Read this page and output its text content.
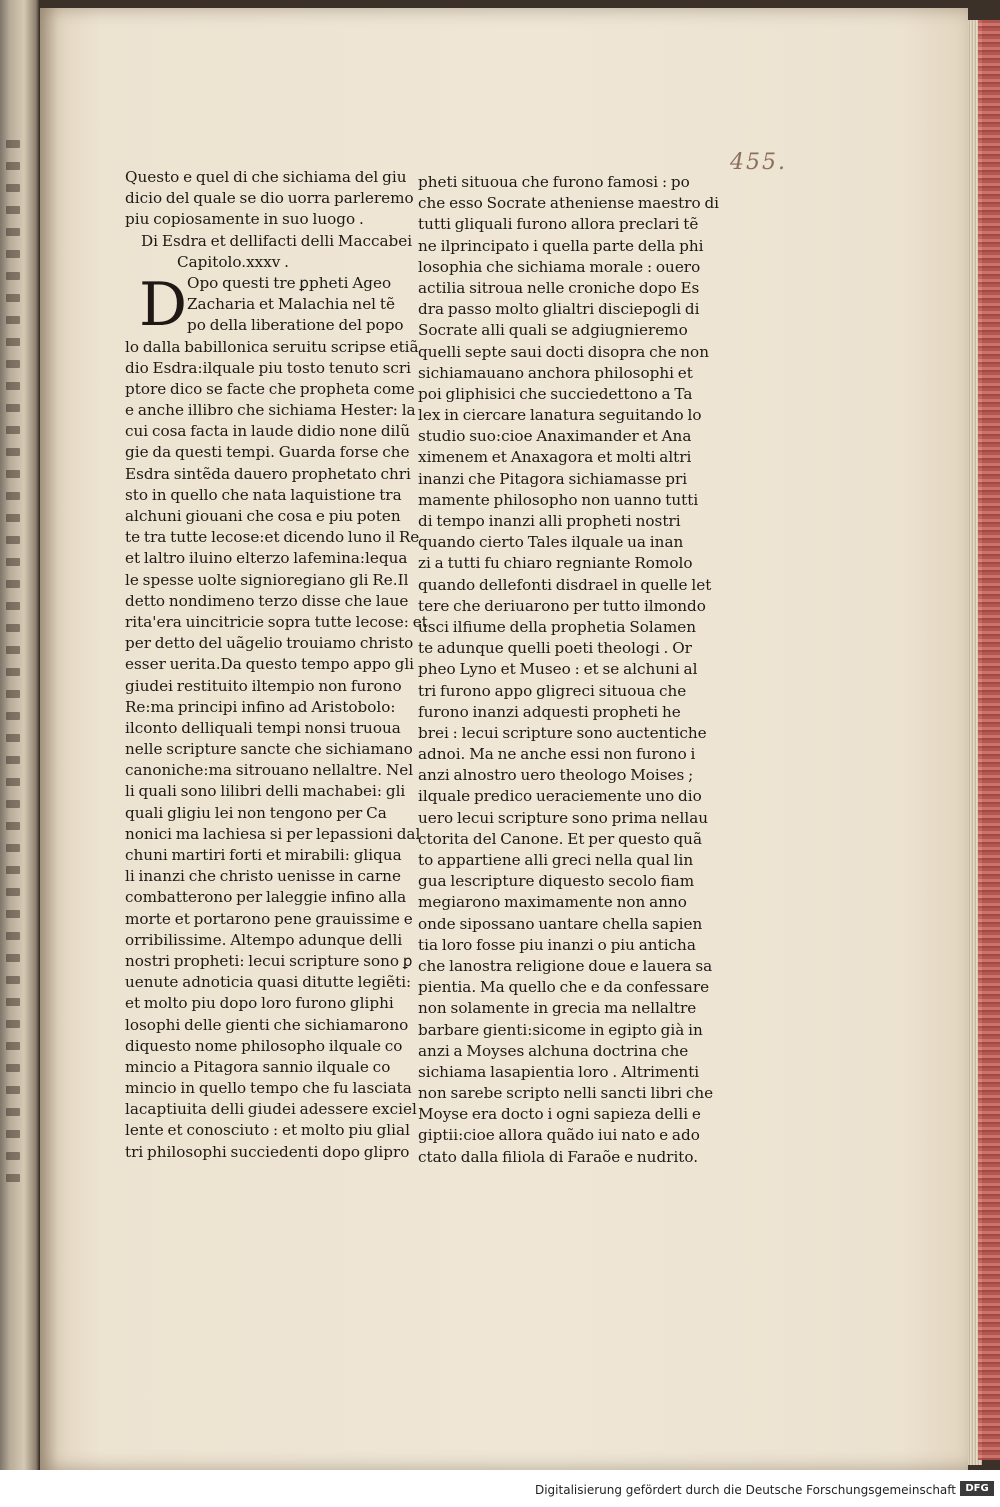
455.
Questo e quel di che sichiama del giu
dicio del quale se dio uorra parleremo
piu copiosamente in suo luogo .
Di Esdra et dellifacti delli Maccabei
Capitolo.xxxv .
D Opo questi tre ꝑpheti Ageo
Zacharia et Malachia nel tẽ
po della liberatione del popo
lo dalla babillonica seruitu scripse etiã
dio Esdra:ilquale piu tosto tenuto scri
ptore dico se facte che propheta come
e anche illibro che sichiama Hester: la
cui cosa facta in laude didio none dilũ
gie da questi tempi. Guarda forse che
Esdra sintẽda dauero prophetato chri
sto in quello che nata laquistione tra
alchuni giouani che cosa e piu poten
te tra tutte lecose:et dicendo luno il Re
et laltro iluino elterzo lafemina:lequa
le spesse uolte signioregiano gli Re.Il
detto nondimeno terzo disse che laue
rita'era uincitricie sopra tutte lecose: et
per detto del uãgelio trouiamo christo
esser uerita.Da questo tempo appo gli
giudei restituito iltempio non furono
Re:ma principi infino ad Aristobolo:
ilconto delliquali tempi nonsi truoua
nelle scripture sancte che sichiamano
canoniche:ma sitrouano nellaltre. Nel
li quali sono lilibri delli machabei: gli
quali gligiu lei non tengono per Ca
nonici ma lachiesa si per lepassioni dal
chuni martiri forti et mirabili: gliqua
li inanzi che christo uenisse in carne
combatterono per laleggie infino alla
morte et portarono pene grauissime e
orribilissime. Altempo adunque delli
nostri propheti: lecui scripture sono ꝑ
uenute adnoticia quasi ditutte legiẽti:
et molto piu dopo loro furono gliphi
losophi delle gienti che sichiamarono
diquesto nome philosopho ilquale co
mincio a Pitagora sannio ilquale co
mincio in quello tempo che fu lasciata
lacaptiuita delli giudei adessere exciel
lente et conosciuto : et molto piu glial
tri philosophi succiedenti dopo glipro
pheti situoua che furono famosi : po
che esso Socrate atheniense maestro di
tutti gliquali furono allora preclari tẽ
ne ilprincipato i quella parte della phi
losophia che sichiama morale : ouero
actilia sitroua nelle croniche dopo Es
dra passo molto glialtri disciepogli di
Socrate alli quali se adgiugnieremo
quelli septe saui docti disopra che non
sichiamauano anchora philosophi et
poi gliphisici che succiedettono a Ta
lex in ciercare lanatura seguitando lo
studio suo:cioe Anaximander et Ana
ximenem et Anaxagora et molti altri
inanzi che Pitagora sichiamasse pri
mamente philosopho non uanno tutti
di tempo inanzi alli propheti nostri
quando cierto Tales ilquale ua inan
zi a tutti fu chiaro regniante Romolo
quando dellefonti disdrael in quelle let
tere che deriuarono per tutto ilmondo
usci ilfiume della prophetia Solamen
te adunque quelli poeti theologi . Or
pheo Lyno et Museo : et se alchuni al
tri furono appo gligreci situoua che
furono inanzi adquesti propheti he
brei : lecui scripture sono auctentiche
adnoi. Ma ne anche essi non furono i
anzi alnostro uero theologo Moises ;
ilquale predico ueraciemente uno dio
uero lecui scripture sono prima nellau
ctorita del Canone. Et per questo quã
to appartiene alli greci nella qual lin
gua lescripture diquesto secolo fiam
megiarono maximamente non anno
onde sipossano uantare chella sapien
tia loro fosse piu inanzi o piu anticha
che lanostra religione doue e lauera sa
pientia. Ma quello che e da confessare
non solamente in grecia ma nellaltre
barbare gienti:sicome in egipto già in
anzi a Moyses alchuna doctrina che
sichiama lasapientia loro . Altrimenti
non sarebe scripto nelli sancti libri che
Moyse era docto i ogni sapieza delli e
giptii:cioe allora quãdo iui nato e ado
ctato dalla filiola di Faraõe e nudrito.
Digitalisierung gefördert durch die Deutsche Forschungsgemeinschaft DFG
